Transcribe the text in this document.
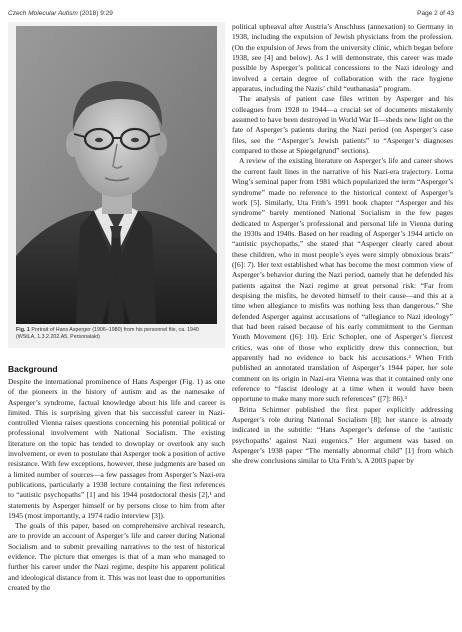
Czech Molecular Autism (2018) 9:29	Page 2 of 43
Fig. 1 Portrait of Hans Asperger (1906–1980) from his personnel file, ca. 1940 (WStLA, 1.3.2.202.A5, Personalakt)
Background

Despite the international prominence of Hans Asperger (Fig. 1) as one of the pioneers in the history of autism and as the namesake of Asperger’s syndrome, factual knowledge about his life and career is limited. This is surprising given that his successful career in Nazi-controlled Vienna raises questions concerning his potential political or professional involvement with National Socialism. The existing literature on the topic has tended to downplay or overlook any such involvement, or even to postulate that Asperger took a position of active resistance. With few exceptions, however, these judgments are based on a limited number of sources—a few passages from Asperger’s Nazi-era publications, particularly a 1938 lecture containing the first references to “autistic psychopaths” [1] and his 1944 postdoctoral thesis [2],¹ and statements by Asperger himself or by persons close to him from after 1945 (most importantly, a 1974 radio interview [3]).

The goals of this paper, based on comprehensive archival research, are to provide an account of Asperger’s life and career during National Socialism and to submit prevailing narratives to the test of historical evidence. The picture that emerges is that of a man who managed to further his career under the Nazi regime, despite his apparent political and ideological distance from it. This was not least due to opportunities created by the

political upheaval after Austria’s Anschluss (annexation) to Germany in 1938, including the expulsion of Jewish physicians from the profession. (On the expulsion of Jews from the university clinic, which began before 1938, see [4] and below). As I will demonstrate, this career was made possible by Asperger’s political concessions to the Nazi ideology and involved a certain degree of collaboration with the race hygiene apparatus, including the Nazis’ child “euthanasia” program.

The analysis of patient case files written by Asperger and his colleagues from 1928 to 1944—a crucial set of documents mistakenly assumed to have been destroyed in World War II—sheds new light on the fate of Asperger’s patients during the Nazi period (on Asperger’s case files, see the “Asperger’s Jewish patients” to “Asperger’s diagnoses compared to those at Spiegelgrund” sections).

A review of the existing literature on Asperger’s life and career shows the current fault lines in the narrative of his Nazi-era trajectory. Lorna Wing’s seminal paper from 1981 which popularized the term “Asperger’s syndrome” made no reference to the historical context of Asperger’s work [5]. Similarly, Uta Frith’s 1991 book chapter “Asperger and his syndrome” barely mentioned National Socialism in the few pages dedicated to Asperger’s professional and personal life in Vienna during the 1930s and 1940s. Based on her reading of Asperger’s 1944 article on “autistic psychopaths,” she stated that “Asperger clearly cared about these children, who in most people’s eyes were simply obnoxious brats” ([6]: 7). Her text established what has become the most common view of Asperger’s behavior during the Nazi period, namely that he defended his patients against the Nazi regime at great personal risk: “Far from despising the misfits, he devoted himself to their cause—and this at a time when allegiance to misfits was nothing less than dangerous.” She defended Asperger against accusations of “allegiance to Nazi ideology” that had been raised because of his early commitment to the German Youth Movement ([6]: 10). Eric Schopler, one of Asperger’s fiercest critics, was one of those who explicitly drew this connection, but apparently had no evidence to back his accusations.² When Frith published an annotated translation of Asperger’s 1944 paper, her sole comment on its origin in Nazi-era Vienna was that it contained only one reference to “fascist ideology at a time when it would have been opportune to make many more such references” ([7]: 86).³

Britta Schirmer published the first paper explicitly addressing Asperger’s role during National Socialism [8]; her stance is already indicated in the subtitle: “Hans Asperger’s defense of the ‘autistic psychopaths’ against Nazi eugenics.” Her argument was based on Asperger’s 1938 paper “The mentally abnormal child” [1] from which she drew conclusions similar to Uta Frith’s. A 2003 paper by
